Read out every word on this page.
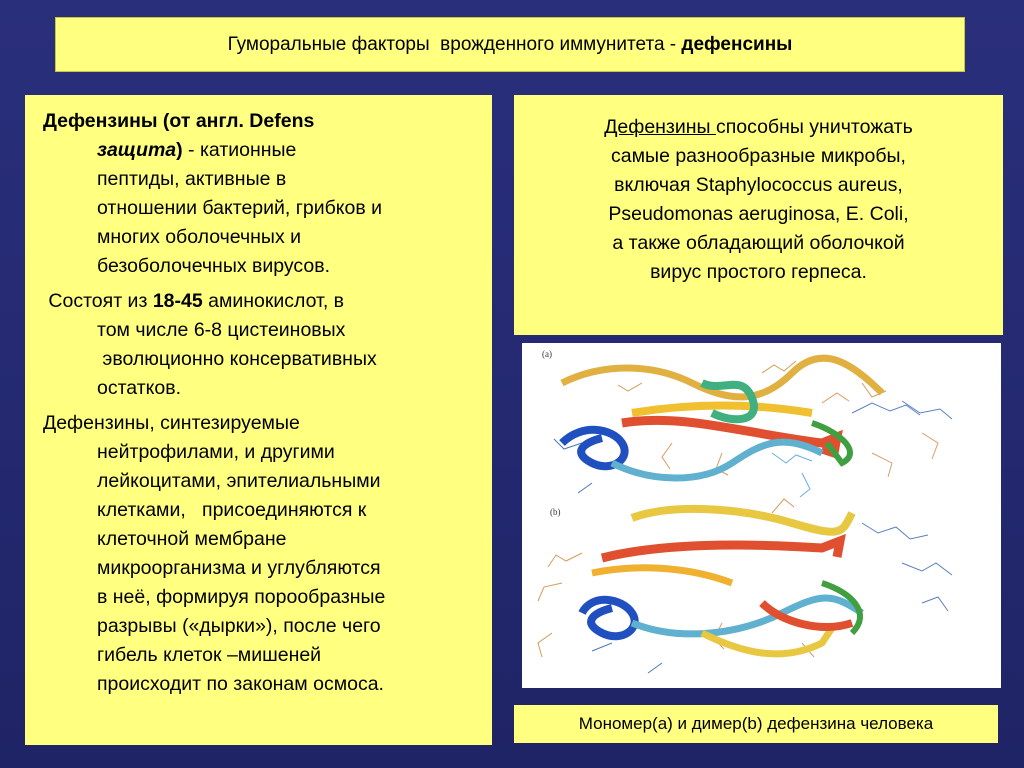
Гуморальные факторы  врожденного иммунитета - дефенсины
Дефензины (от англ. Defens
защита) - катионные
пептиды, активные в
отношении бактерий, грибков и
многих оболочечных и
безоболочечных вирусов.
Состоят из 18-45 аминокислот, в
том числе 6-8 цистеиновых
эволюционно консервативных
остатков.
Дефензины, синтезируемые
нейтрофилами, и другими
лейкоцитами, эпителиальными
клетками,   присоединяются к
клеточной мембране
микроорганизма и углубляются
в неё, формируя порообразные
разрывы («дырки»), после чего
гибель клеток –мишеней
происходит по законам осмоса.
Дефензины способны уничтожать
самые разнообразные микробы,
включая Staphylococcus aureus,
Pseudomonas aeruginosa, E. Coli,
а также обладающий оболочкой
вирус простого герпеса.
(a)
(b)
Мономер(a) и димер(b) дефензина человека
